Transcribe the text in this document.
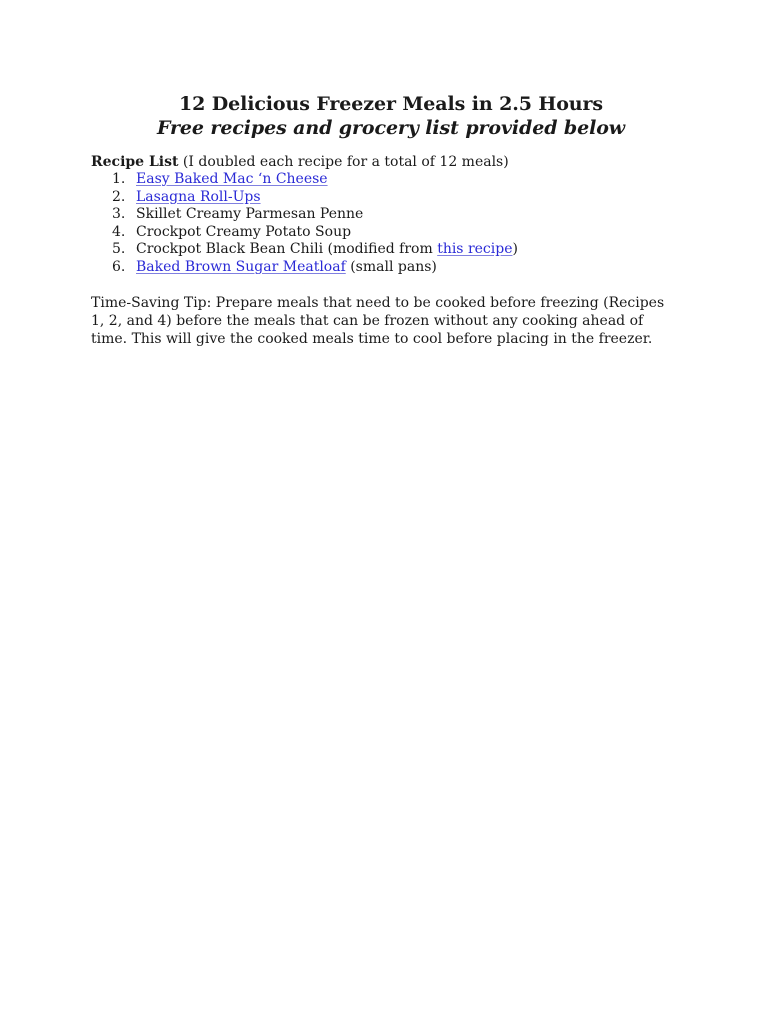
12 Delicious Freezer Meals in 2.5 Hours
Free recipes and grocery list provided below
Recipe List (I doubled each recipe for a total of 12 meals)
1. Easy Baked Mac ‘n Cheese
2. Lasagna Roll-Ups
3. Skillet Creamy Parmesan Penne
4. Crockpot Creamy Potato Soup
5. Crockpot Black Bean Chili (modified from this recipe)
6. Baked Brown Sugar Meatloaf (small pans)

Time-Saving Tip: Prepare meals that need to be cooked before freezing (Recipes 1, 2, and 4) before the meals that can be frozen without any cooking ahead of time. This will give the cooked meals time to cool before placing in the freezer.
